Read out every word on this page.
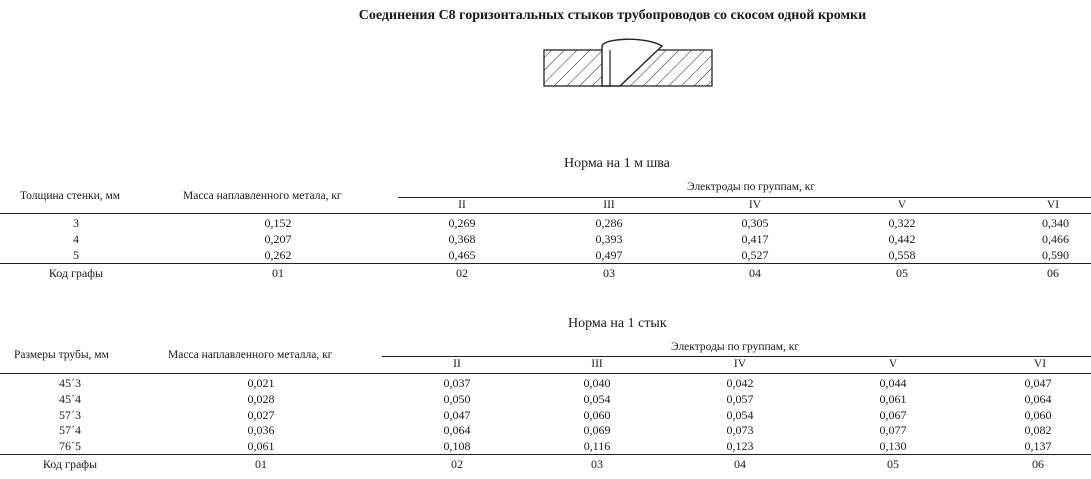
Соединения C8 горизонтальных стыков трубопроводов со скосом одной кромки
Норма на 1 м шва
Толщина стенки, мм	Масса наплавленного метала, кг
Электроды по группам, кг
II	III	IV	V	VI
3	0,152	0,269	0,286	0,305	0,322	0,340
4	0,207	0,368	0,393	0,417	0,442	0,466
5	0,262	0,465	0,497	0,527	0,558	0,590
Код графы	01	02	03	04	05	06
Норма на 1 стык
Размеры трубы, мм	Масса наплавленного металла, кг
Электроды по группам, кг
II	III	IV	V	VI
45´3	0,021	0,037	0,040	0,042	0,044	0,047
45´4	0,028	0,050	0,054	0,057	0,061	0,064
57´3	0,027	0,047	0,060	0,054	0,067	0,060
57´4	0,036	0,064	0,069	0,073	0,077	0,082
76´5	0,061	0,108	0,116	0,123	0,130	0,137
Код графы	01	02	03	04	05	06
